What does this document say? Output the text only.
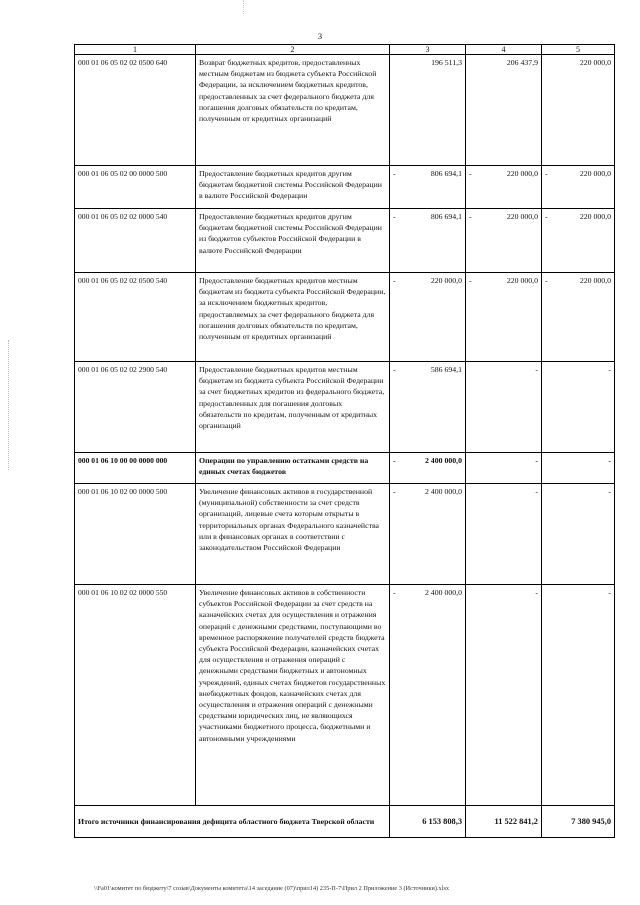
3
1	2	3	4	5
000 01 06 05 02 02 0500 640	Возврат бюджетных кредитов, предоставленных местным бюджетам из бюджета субъекта Российской Федерации, за исключением бюджетных кредитов, предоставленных за счет федерального бюджета для погашения долговых обязательств по кредитам, полученным от кредитных организаций	196 511,3	206 437,9	220 000,0
000 01 06 05 02 00 0000 500	Предоставление бюджетных кредитов другим бюджетам бюджетной системы Российской Федерации в валюте Российской Федерации	- 806 694,1	- 220 000,0	- 220 000,0
000 01 06 05 02 02 0000 540	Предоставление бюджетных кредитов другим бюджетам бюджетной системы Российской Федерации из бюджетов субъектов Российской Федерации в валюте Российской Федерации	- 806 694,1	- 220 000,0	- 220 000,0
000 01 06 05 02 02 0500 540	Предоставление бюджетных кредитов местным бюджетам из бюджета субъекта Российской Федерации, за исключением бюджетных кредитов, предоставляемых за счет федерального бюджета для погашения долговых обязательств по кредитам, полученным от кредитных организаций	- 220 000,0	- 220 000,0	- 220 000,0
000 01 06 05 02 02 2900 540	Предоставление бюджетных кредитов местным бюджетам из бюджета субъекта Российской Федерации за счет бюджетных кредитов из федерального бюджета, предоставленных для погашения долговых обязательств по кредитам, полученным от кредитных организаций	- 586 694,1	-	-
000 01 06 10 00 00 0000 000	Операции по управлению остатками средств на единых счетах бюджетов	- 2 400 000,0	-	-
000 01 06 10 02 00 0000 500	Увеличение финансовых активов в государственной (муниципальной) собственности за счет средств организаций, лицевые счета которым открыты в территориальных органах Федерального казначейства или в финансовых органах в соответствии с законодательством Российской Федерации	- 2 400 000,0	-	-
000 01 06 10 02 02 0000 550	Увеличение финансовых активов в собственности субъектов Российской Федерации за счет средств на казначейских счетах для осуществления и отражения операций с денежными средствами, поступающими во временное распоряжение получателей средств бюджета субъекта Российской Федерации, казначейских счетах для осуществления и отражения операций с денежными средствами бюджетных и автономных учреждений, единых счетах бюджетов государственных внебюджетных фондов, казначейских счетах для осуществления и отражения операций с денежными средствами юридических лиц, не являющихся участниками бюджетного процесса, бюджетными и автономными учреждениями	- 2 400 000,0	-	-
Итого источники финансирования дефицита областного бюджета Тверской области		6 153 808,3	11 522 841,2	7 380 945,0
\\Fa01\комитет по бюджету\7 созыв\Документы комитета\14 заседание (07)\прил14) 235-П-7\Прил 2 Приложение 3 (Источники).xlsx
